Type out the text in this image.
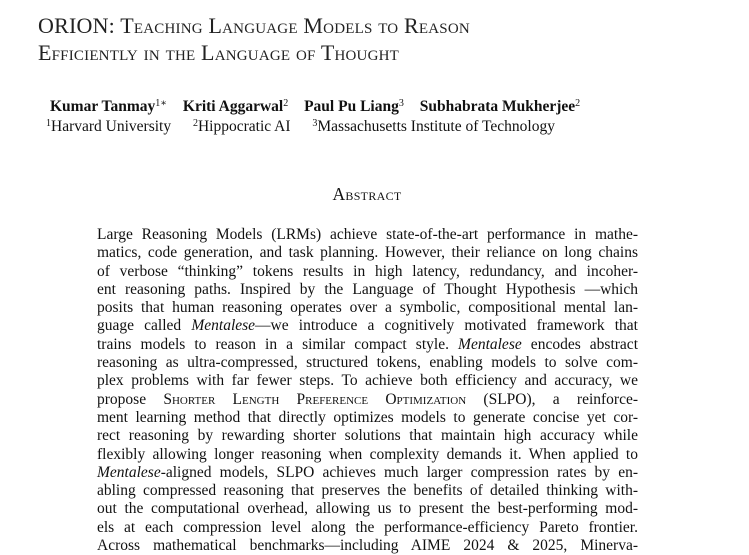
ORION: Teaching Language Models to Reason
Efficiently in the Language of Thought
Kumar Tanmay$^{1∗}$ Kriti Aggarwal$^2$ Paul Pu Liang$^3$ Subhabrata Mukherjee$^2$
$^1$Harvard University $^2$Hippocratic AI $^3$Massachusetts Institute of Technology
Abstract
Large Reasoning Models (LRMs) achieve state-of-the-art performance in mathe-
matics, code generation, and task planning. However, their reliance on long chains
of verbose “thinking” tokens results in high latency, redundancy, and incoher-
ent reasoning paths. Inspired by the Language of Thought Hypothesis —which
posits that human reasoning operates over a symbolic, compositional mental lan-
guage called Mentalese—we introduce a cognitively motivated framework that
trains models to reason in a similar compact style. Mentalese encodes abstract
reasoning as ultra-compressed, structured tokens, enabling models to solve com-
plex problems with far fewer steps. To achieve both efficiency and accuracy, we
propose Shorter Length Preference Optimization (SLPO), a reinforce-
ment learning method that directly optimizes models to generate concise yet cor-
rect reasoning by rewarding shorter solutions that maintain high accuracy while
flexibly allowing longer reasoning when complexity demands it. When applied to
Mentalese-aligned models, SLPO achieves much larger compression rates by en-
abling compressed reasoning that preserves the benefits of detailed thinking with-
out the computational overhead, allowing us to present the best-performing mod-
els at each compression level along the performance-efficiency Pareto frontier.
Across mathematical benchmarks—including AIME 2024 & 2025, Minerva-
